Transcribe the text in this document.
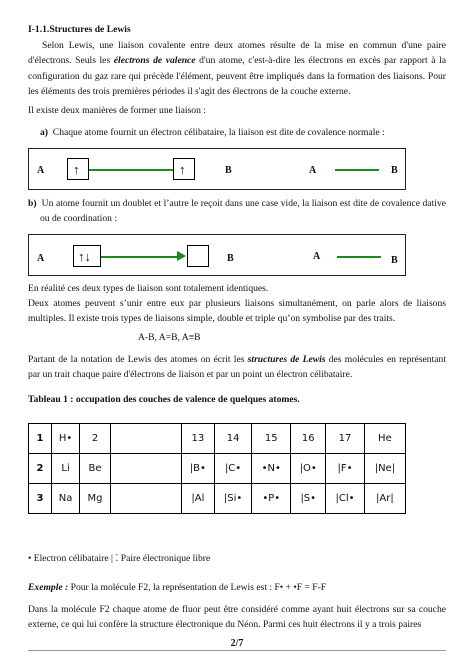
I-1.1.Structures de Lewis

Selon Lewis, une liaison covalente entre deux atomes résulte de la mise en commun d'une paire d'électrons. Seuls les électrons de valence d'un atome, c'est-à-dire les électrons en excès par rapport à la configuration du gaz rare qui précède l'élément, peuvent être impliqués dans la formation des liaisons. Pour les éléments des trois premières périodes il s'agit des électrons de la couche externe.

Il existe deux manières de former une liaison :

a) Chaque atome fournit un électron célibataire, la liaison est dite de covalence normale :

A ↑	↑	B	A	B

b) Un atome fournit un doublet et l’autre le reçoit dans une case vide, la liaison est dite de covalence dative ou de coordination :

A	↑↓	B	A	B

En réalité ces deux types de liaison sont totalement identiques.

Deux atomes peuvent s’unir entre eux par plusieurs liaisons simultanément, on parle alors de liaisons multiples. Il existe trois types de liaisons simple, double et triple qu’on symbolise par des traits.

A-B, A=B, A≡B

Partant de la notation de Lewis des atomes on écrit les structures de Lewis des molécules en représentant par un trait chaque paire d'électrons de liaison et par un point un électron célibataire.

Tableau 1 : occupation des couches de valence de quelques atomes.

1	H•	2		13	14	15	16	17	He
2	Li	Be		|B•	|C•	•N•	|O•	|F•	|Ne|
3	Na	Mg		|Al	|Si•	•P•	|S•	|Cl•	|Ar|

• Electron célibataire | ⁚ Paire électronique libre

Exemple : Pour la molécule F2, la représentation de Lewis est : F• + •F = F-F

Dans la molécule F2 chaque atome de fluor peut être considéré comme ayant huit électrons sur sa couche externe, ce qui lui confère la structure électronique du Néon. Parmi ces huit électrons il y a trois paires

2/7
